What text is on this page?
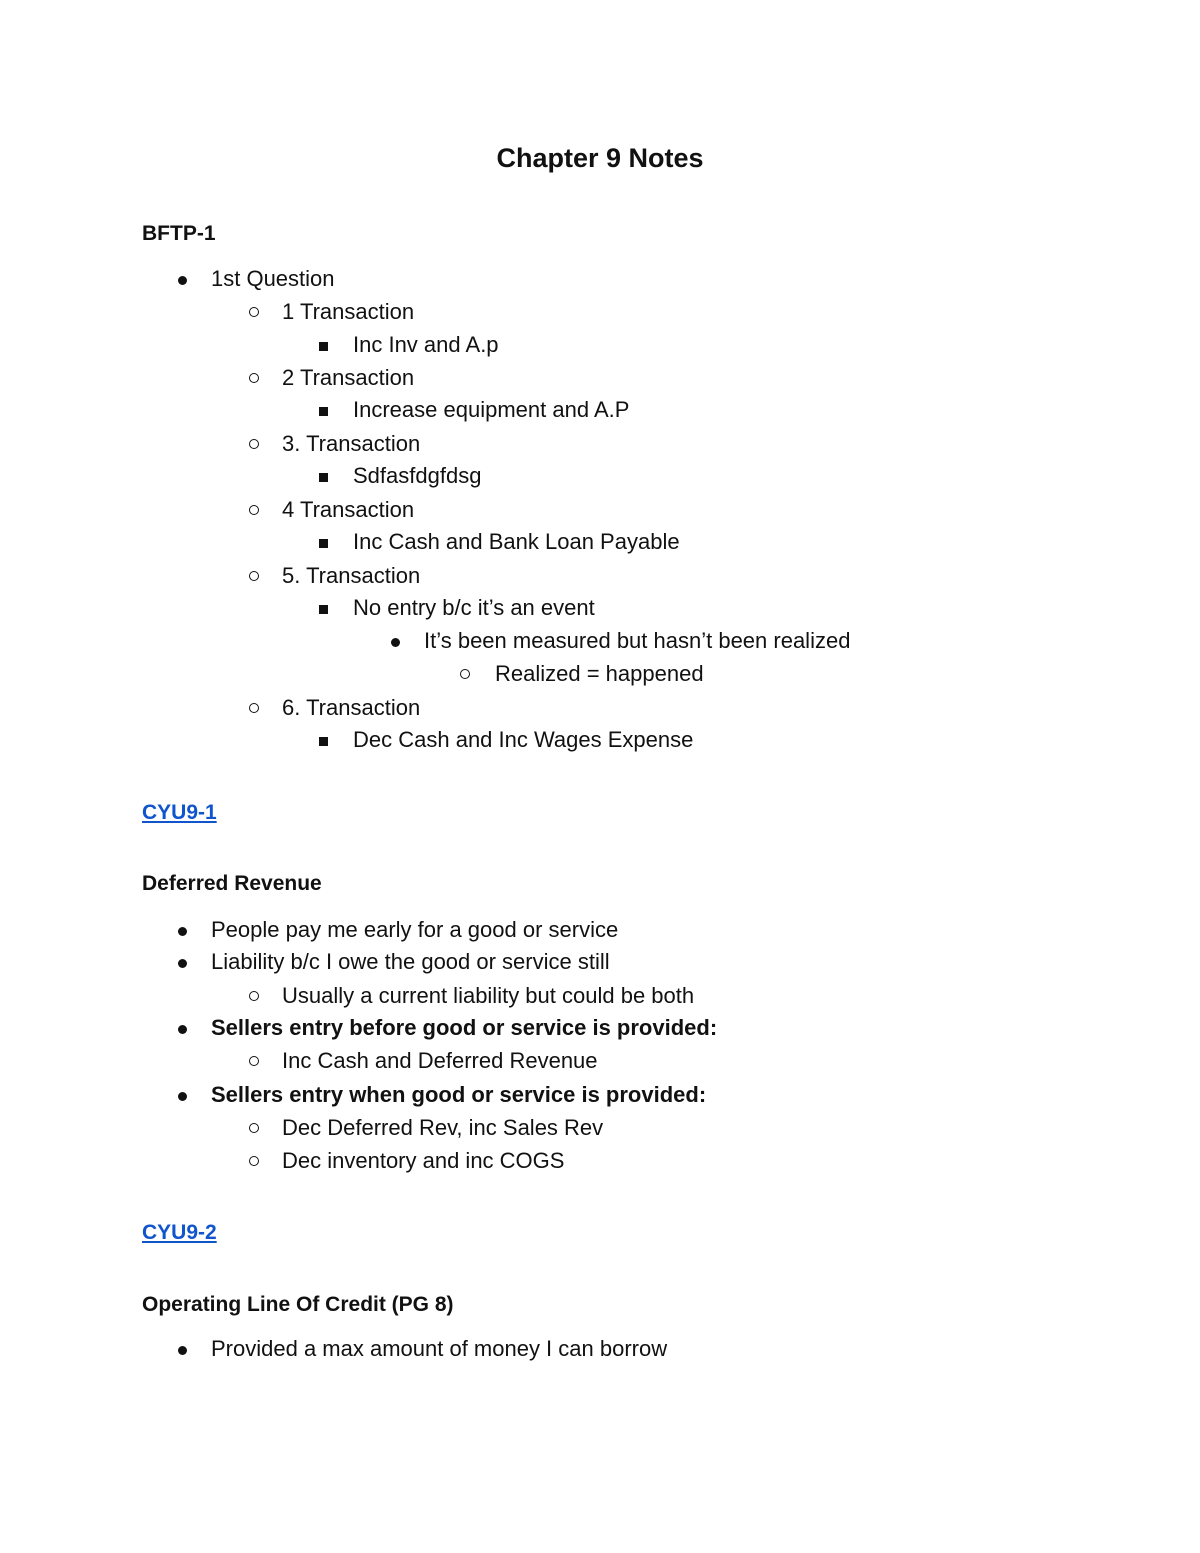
Chapter 9 Notes
BFTP-1
1st Question
1 Transaction
Inc Inv and A.p
2 Transaction
Increase equipment and A.P
3. Transaction
Sdfasfdgfdsg
4 Transaction
Inc Cash and Bank Loan Payable
5. Transaction
No entry b/c it’s an event
It’s been measured but hasn’t been realized
Realized = happened
6. Transaction
Dec Cash and Inc Wages Expense
CYU9-1
Deferred Revenue
People pay me early for a good or service
Liability b/c I owe the good or service still
Usually a current liability but could be both
Sellers entry before good or service is provided:
Inc Cash and Deferred Revenue
Sellers entry when good or service is provided:
Dec Deferred Rev, inc Sales Rev
Dec inventory and inc COGS
CYU9-2
Operating Line Of Credit (PG 8)
Provided a max amount of money I can borrow
